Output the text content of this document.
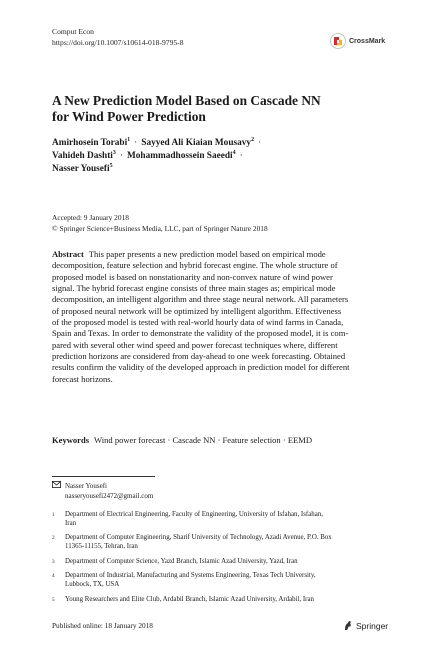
Comput Econ
https://doi.org/10.1007/s10614-018-9795-8	CrossMark
A New Prediction Model Based on Cascade NN
for Wind Power Prediction
Amirhosein Torabi$^1$ · Sayyed Ali Kiaian Mousavy$^2$ ·
Vahideh Dashti$^3$ · Mohammadhossein Saeedi$^4$ ·
Nasser Yousefi$^5$
Accepted: 9 January 2018
© Springer Science+Business Media, LLC, part of Springer Nature 2018
Abstract This paper presents a new prediction model based on empirical mode
decomposition, feature selection and hybrid forecast engine. The whole structure of
proposed model is based on nonstationarity and non-convex nature of wind power
signal. The hybrid forecast engine consists of three main stages as; empirical mode
decomposition, an intelligent algorithm and three stage neural network. All parameters
of proposed neural network will be optimized by intelligent algorithm. Effectiveness
of the proposed model is tested with real-world hourly data of wind farms in Canada,
Spain and Texas. In order to demonstrate the validity of the proposed model, it is com-
pared with several other wind speed and power forecast techniques where, different
prediction horizons are considered from day-ahead to one week forecasting. Obtained
results confirm the validity of the developed approach in prediction model for different
forecast horizons.
Keywords Wind power forecast · Cascade NN · Feature selection · EEMD
Nasser Yousefi
nasseryousefi2472@gmail.com
1	Department of Electrical Engineering, Faculty of Engineering, University of Isfahan, Isfahan,
Iran
2	Department of Computer Engineering, Sharif University of Technology, Azadi Avenue, P.O. Box
11365-11155, Tehran, Iran
3	Department of Computer Science, Yazd Branch, Islamic Azad University, Yazd, Iran
4	Department of Industrial, Manufacturing and Systems Engineering, Texas Tech University,
Lubbock, TX, USA
5	Young Researchers and Elite Club, Ardabil Branch, Islamic Azad University, Ardabil, Iran
Published online: 18 January 2018	Springer
